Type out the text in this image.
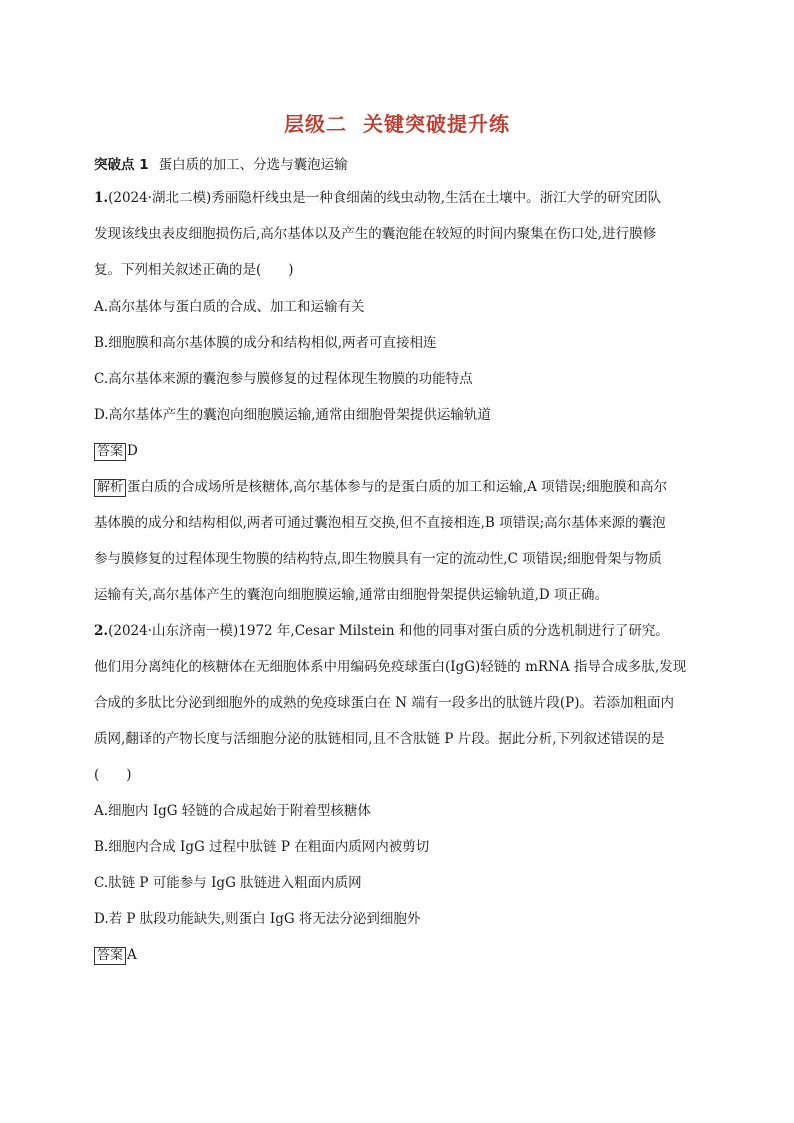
层级二 关键突破提升练
突破点 1 蛋白质的加工、分选与囊泡运输
1.(2024·湖北二模)秀丽隐杆线虫是一种食细菌的线虫动物,生活在土壤中。浙江大学的研究团队
发现该线虫表皮细胞损伤后,高尔基体以及产生的囊泡能在较短的时间内聚集在伤口处,进行膜修
复。下列相关叙述正确的是(　　)
A.高尔基体与蛋白质的合成、加工和运输有关
B.细胞膜和高尔基体膜的成分和结构相似,两者可直接相连
C.高尔基体来源的囊泡参与膜修复的过程体现生物膜的功能特点
D.高尔基体产生的囊泡向细胞膜运输,通常由细胞骨架提供运输轨道
答案 D
解析 蛋白质的合成场所是核糖体,高尔基体参与的是蛋白质的加工和运输,A 项错误;细胞膜和高尔
基体膜的成分和结构相似,两者可通过囊泡相互交换,但不直接相连,B 项错误;高尔基体来源的囊泡
参与膜修复的过程体现生物膜的结构特点,即生物膜具有一定的流动性,C 项错误;细胞骨架与物质
运输有关,高尔基体产生的囊泡向细胞膜运输,通常由细胞骨架提供运输轨道,D 项正确。
2.(2024·山东济南一模)1972 年,Cesar Milstein 和他的同事对蛋白质的分选机制进行了研究。
他们用分离纯化的核糖体在无细胞体系中用编码免疫球蛋白(IgG)轻链的 mRNA 指导合成多肽,发现
合成的多肽比分泌到细胞外的成熟的免疫球蛋白在 N 端有一段多出的肽链片段(P)。若添加粗面内
质网,翻译的产物长度与活细胞分泌的肽链相同,且不含肽链 P 片段。据此分析,下列叙述错误的是
(　　)
A.细胞内 IgG 轻链的合成起始于附着型核糖体
B.细胞内合成 IgG 过程中肽链 P 在粗面内质网内被剪切
C.肽链 P 可能参与 IgG 肽链进入粗面内质网
D.若 P 肽段功能缺失,则蛋白 IgG 将无法分泌到细胞外
答案 A
